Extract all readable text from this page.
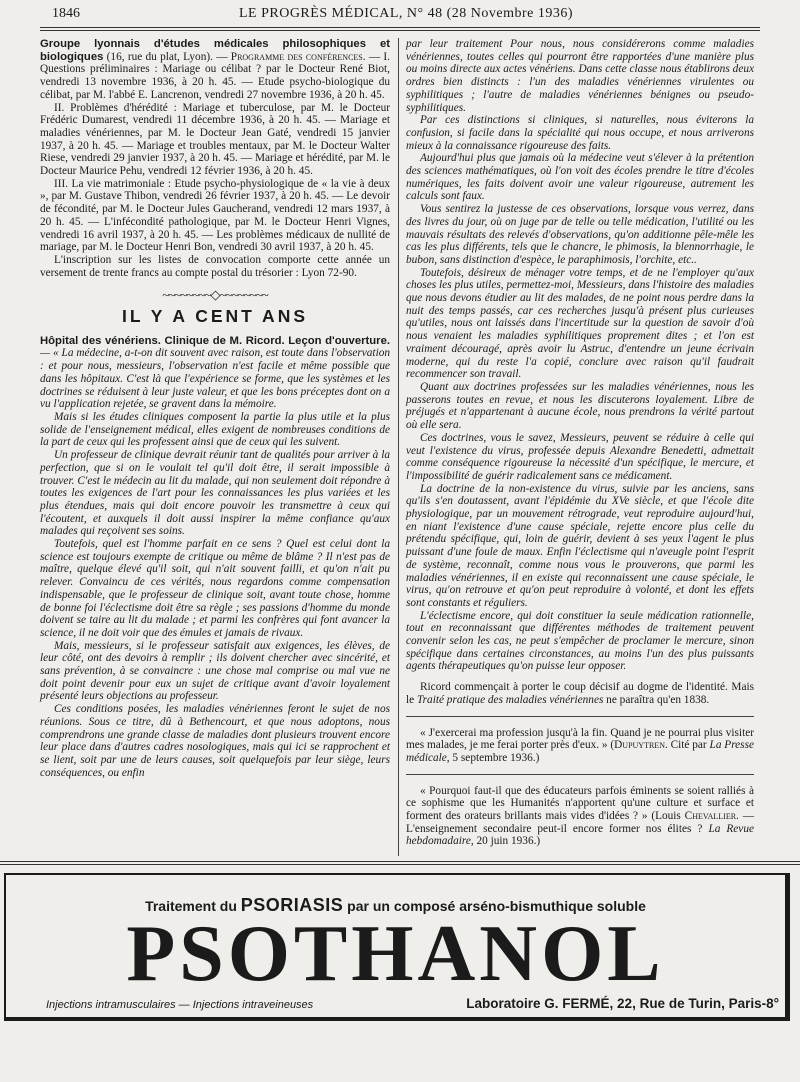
1846	LE PROGRÈS MÉDICAL, N° 48 (28 Novembre 1936)

Groupe lyonnais d'études médicales philosophiques et biologiques (16, rue du plat, Lyon). — Programme des conférences. — I. Questions préliminaires : Mariage ou célibat ? par le Docteur René Biot, vendredi 13 novembre 1936, à 20 h. 45. — Etude psycho-biologique du célibat, par M. l'abbé E. Lancrenon, vendredi 27 novembre 1936, à 20 h. 45.

II. Problèmes d'hérédité : Mariage et tuberculose, par M. le Docteur Frédéric Dumarest, vendredi 11 décembre 1936, à 20 h. 45. — Mariage et maladies vénériennes, par M. le Docteur Jean Gaté, vendredi 15 janvier 1937, à 20 h. 45. — Mariage et troubles mentaux, par M. le Docteur Walter Riese, vendredi 29 janvier 1937, à 20 h. 45. — Mariage et hérédité, par M. le Docteur Maurice Pehu, vendredi 12 février 1936, à 20 h. 45.

III. La vie matrimoniale : Etude psycho-physiologique de « la vie à deux », par M. Gustave Thibon, vendredi 26 février 1937, à 20 h. 45. — Le devoir de fécondité, par M. le Docteur Jules Gaucherand, vendredi 12 mars 1937, à 20 h. 45. — L'infécondité pathologique, par M. le Docteur Henri Vignes, vendredi 16 avril 1937, à 20 h. 45. — Les problèmes médicaux de nullité de mariage, par M. le Docteur Henri Bon, vendredi 30 avril 1937, à 20 h. 45.

L'inscription sur les listes de convocation comporte cette année un versement de trente francs au compte postal du trésorier : Lyon 72-90.

~~~~~~~~◇~~~~~~~~
IL Y A CENT ANS

Hôpital des vénériens. Clinique de M. Ricord. Leçon d'ouverture. — « La médecine, a-t-on dit souvent avec raison, est toute dans l'observation : et pour nous, messieurs, l'observation n'est facile et même possible que dans les hôpitaux. C'est là que l'expérience se forme, que les systèmes et les doctrines se réduisent à leur juste valeur, et que les bons préceptes dont on a vu l'application rejetée, se gravent dans la mémoire.

Mais si les études cliniques composent la partie la plus utile et la plus solide de l'enseignement médical, elles exigent de nombreuses conditions de la part de ceux qui les professent ainsi que de ceux qui les suivent.

Un professeur de clinique devrait réunir tant de qualités pour arriver à la perfection, que si on le voulait tel qu'il doit être, il serait impossible à trouver. C'est le médecin au lit du malade, qui non seulement doit répondre à toutes les exigences de l'art pour les connaissances les plus variées et les plus étendues, mais qui doit encore pouvoir les transmettre à ceux qui l'écoutent, et auxquels il doit aussi inspirer la même confiance qu'aux malades qui reçoivent ses soins.

Toutefois, quel est l'homme parfait en ce sens ? Quel est celui dont la science est toujours exempte de critique ou même de blâme ? Il n'est pas de maître, quelque élevé qu'il soit, qui n'ait souvent failli, et qu'on n'ait pu relever. Convaincu de ces vérités, nous regardons comme compensation indispensable, que le professeur de clinique soit, avant toute chose, homme de bonne foi l'éclectisme doit être sa règle ; ses passions d'homme du monde doivent se taire au lit du malade ; et parmi les confrères qui font avancer la science, il ne doit voir que des émules et jamais de rivaux.

Mais, messieurs, si le professeur satisfait aux exigences, les élèves, de leur côté, ont des devoirs à remplir ; ils doivent chercher avec sincérité, et sans prévention, à se convaincre : une chose mal comprise ou mal vue ne doit point devenir pour eux un sujet de critique avant d'avoir loyalement présenté leurs objections au professeur.

Ces conditions posées, les maladies vénériennes feront le sujet de nos réunions. Sous ce titre, dû à Bethencourt, et que nous adoptons, nous comprendrons une grande classe de maladies dont plusieurs trouvent encore leur place dans d'autres cadres nosologiques, mais qui ici se rapprochent et se lient, soit par une de leurs causes, soit quelquefois par leur siège, leurs conséquences, ou enfin

par leur traitement Pour nous, nous considérerons comme maladies vénériennes, toutes celles qui pourront être rapportées d'une manière plus ou moins directe aux actes vénériens. Dans cette classe nous établirons deux ordres bien distincts : l'un des maladies vénériennes virulentes ou syphilitiques ; l'autre de maladies vénériennes bénignes ou pseudo-syphilitiques.

Par ces distinctions si cliniques, si naturelles, nous éviterons la confusion, si facile dans la spécialité qui nous occupe, et nous arriverons mieux à la connaissance rigoureuse des faits.

Aujourd'hui plus que jamais où la médecine veut s'élever à la prétention des sciences mathématiques, où l'on voit des écoles prendre le titre d'écoles numériques, les faits doivent avoir une valeur rigoureuse, autrement les calculs sont faux.

Vous sentirez la justesse de ces observations, lorsque vous verrez, dans des livres du jour, où on juge par de telle ou telle médication, l'utilité ou les mauvais résultats des relevés d'observations, qu'on additionne pêle-mêle les cas les plus différents, tels que le chancre, le phimosis, la blennorrhagie, le bubon, sans distinction d'espèce, le paraphimosis, l'orchite, etc..

Toutefois, désireux de ménager votre temps, et de ne l'employer qu'aux choses les plus utiles, permettez-moi, Messieurs, dans l'histoire des maladies que nous devons étudier au lit des malades, de ne point nous perdre dans la nuit des temps passés, car ces recherches jusqu'à présent plus curieuses qu'utiles, nous ont laissés dans l'incertitude sur la question de savoir d'où nous venaient les maladies syphilitiques proprement dites ; et l'on est vraiment découragé, après avoir lu Astruc, d'entendre un jeune écrivain moderne, qui du reste l'a copié, conclure avec raison qu'il faudrait recommencer son travail.

Quant aux doctrines professées sur les maladies vénériennes, nous les passerons toutes en revue, et nous les discuterons loyalement. Libre de préjugés et n'appartenant à aucune école, nous prendrons la vérité partout où elle sera.

Ces doctrines, vous le savez, Messieurs, peuvent se réduire à celle qui veut l'existence du virus, professée depuis Alexandre Benedetti, admettait comme conséquence rigoureuse la nécessité d'un spécifique, le mercure, et l'impossibilité de guérir radicalement sans ce médicament.

La doctrine de la non-existence du virus, suivie par les anciens, sans qu'ils s'en doutassent, avant l'épidémie du XVe siècle, et que l'école dite physiologique, par un mouvement rétrograde, veut reproduire aujourd'hui, en niant l'existence d'une cause spéciale, rejette encore plus celle du prétendu spécifique, qui, loin de guérir, devient à ses yeux l'agent le plus puissant d'une foule de maux. Enfin l'éclectisme qui n'aveugle point l'esprit de système, reconnaît, comme nous vous le prouverons, que parmi les maladies vénériennes, il en existe qui reconnaissent une cause spéciale, le virus, qu'on retrouve et qu'on peut reproduire à volonté, et dont les effets sont constants et réguliers.

L'éclectisme encore, qui doit constituer la seule médication rationnelle, tout en reconnaissant que différentes méthodes de traitement peuvent convenir selon les cas, ne peut s'empêcher de proclamer le mercure, sinon spécifique dans certaines circonstances, au moins l'un des plus puissants agents thérapeutiques qu'on puisse leur opposer.

Ricord commençait à porter le coup décisif au dogme de l'identité. Mais le Traité pratique des maladies vénériennes ne paraîtra qu'en 1838.

« J'exercerai ma profession jusqu'à la fin. Quand je ne pourrai plus visiter mes malades, je me ferai porter près d'eux. » (Dupuytren. Cité par La Presse médicale, 5 septembre 1936.)

« Pourquoi faut-il que des éducateurs parfois éminents se soient ralliés à ce sophisme que les Humanités n'apportent qu'une culture et surface et forment des orateurs brillants mais vides d'idées ? » (Louis Chevallier. — L'enseignement secondaire peut-il encore former nos élites ? La Revue hebdomadaire, 20 juin 1936.)

Traitement du PSORIASIS par un composé arséno-bismuthique soluble
PSOTHANOL
Injections intramusculaires — Injections intraveineuses	Laboratoire G. FERMÉ, 22, Rue de Turin, Paris-8°
